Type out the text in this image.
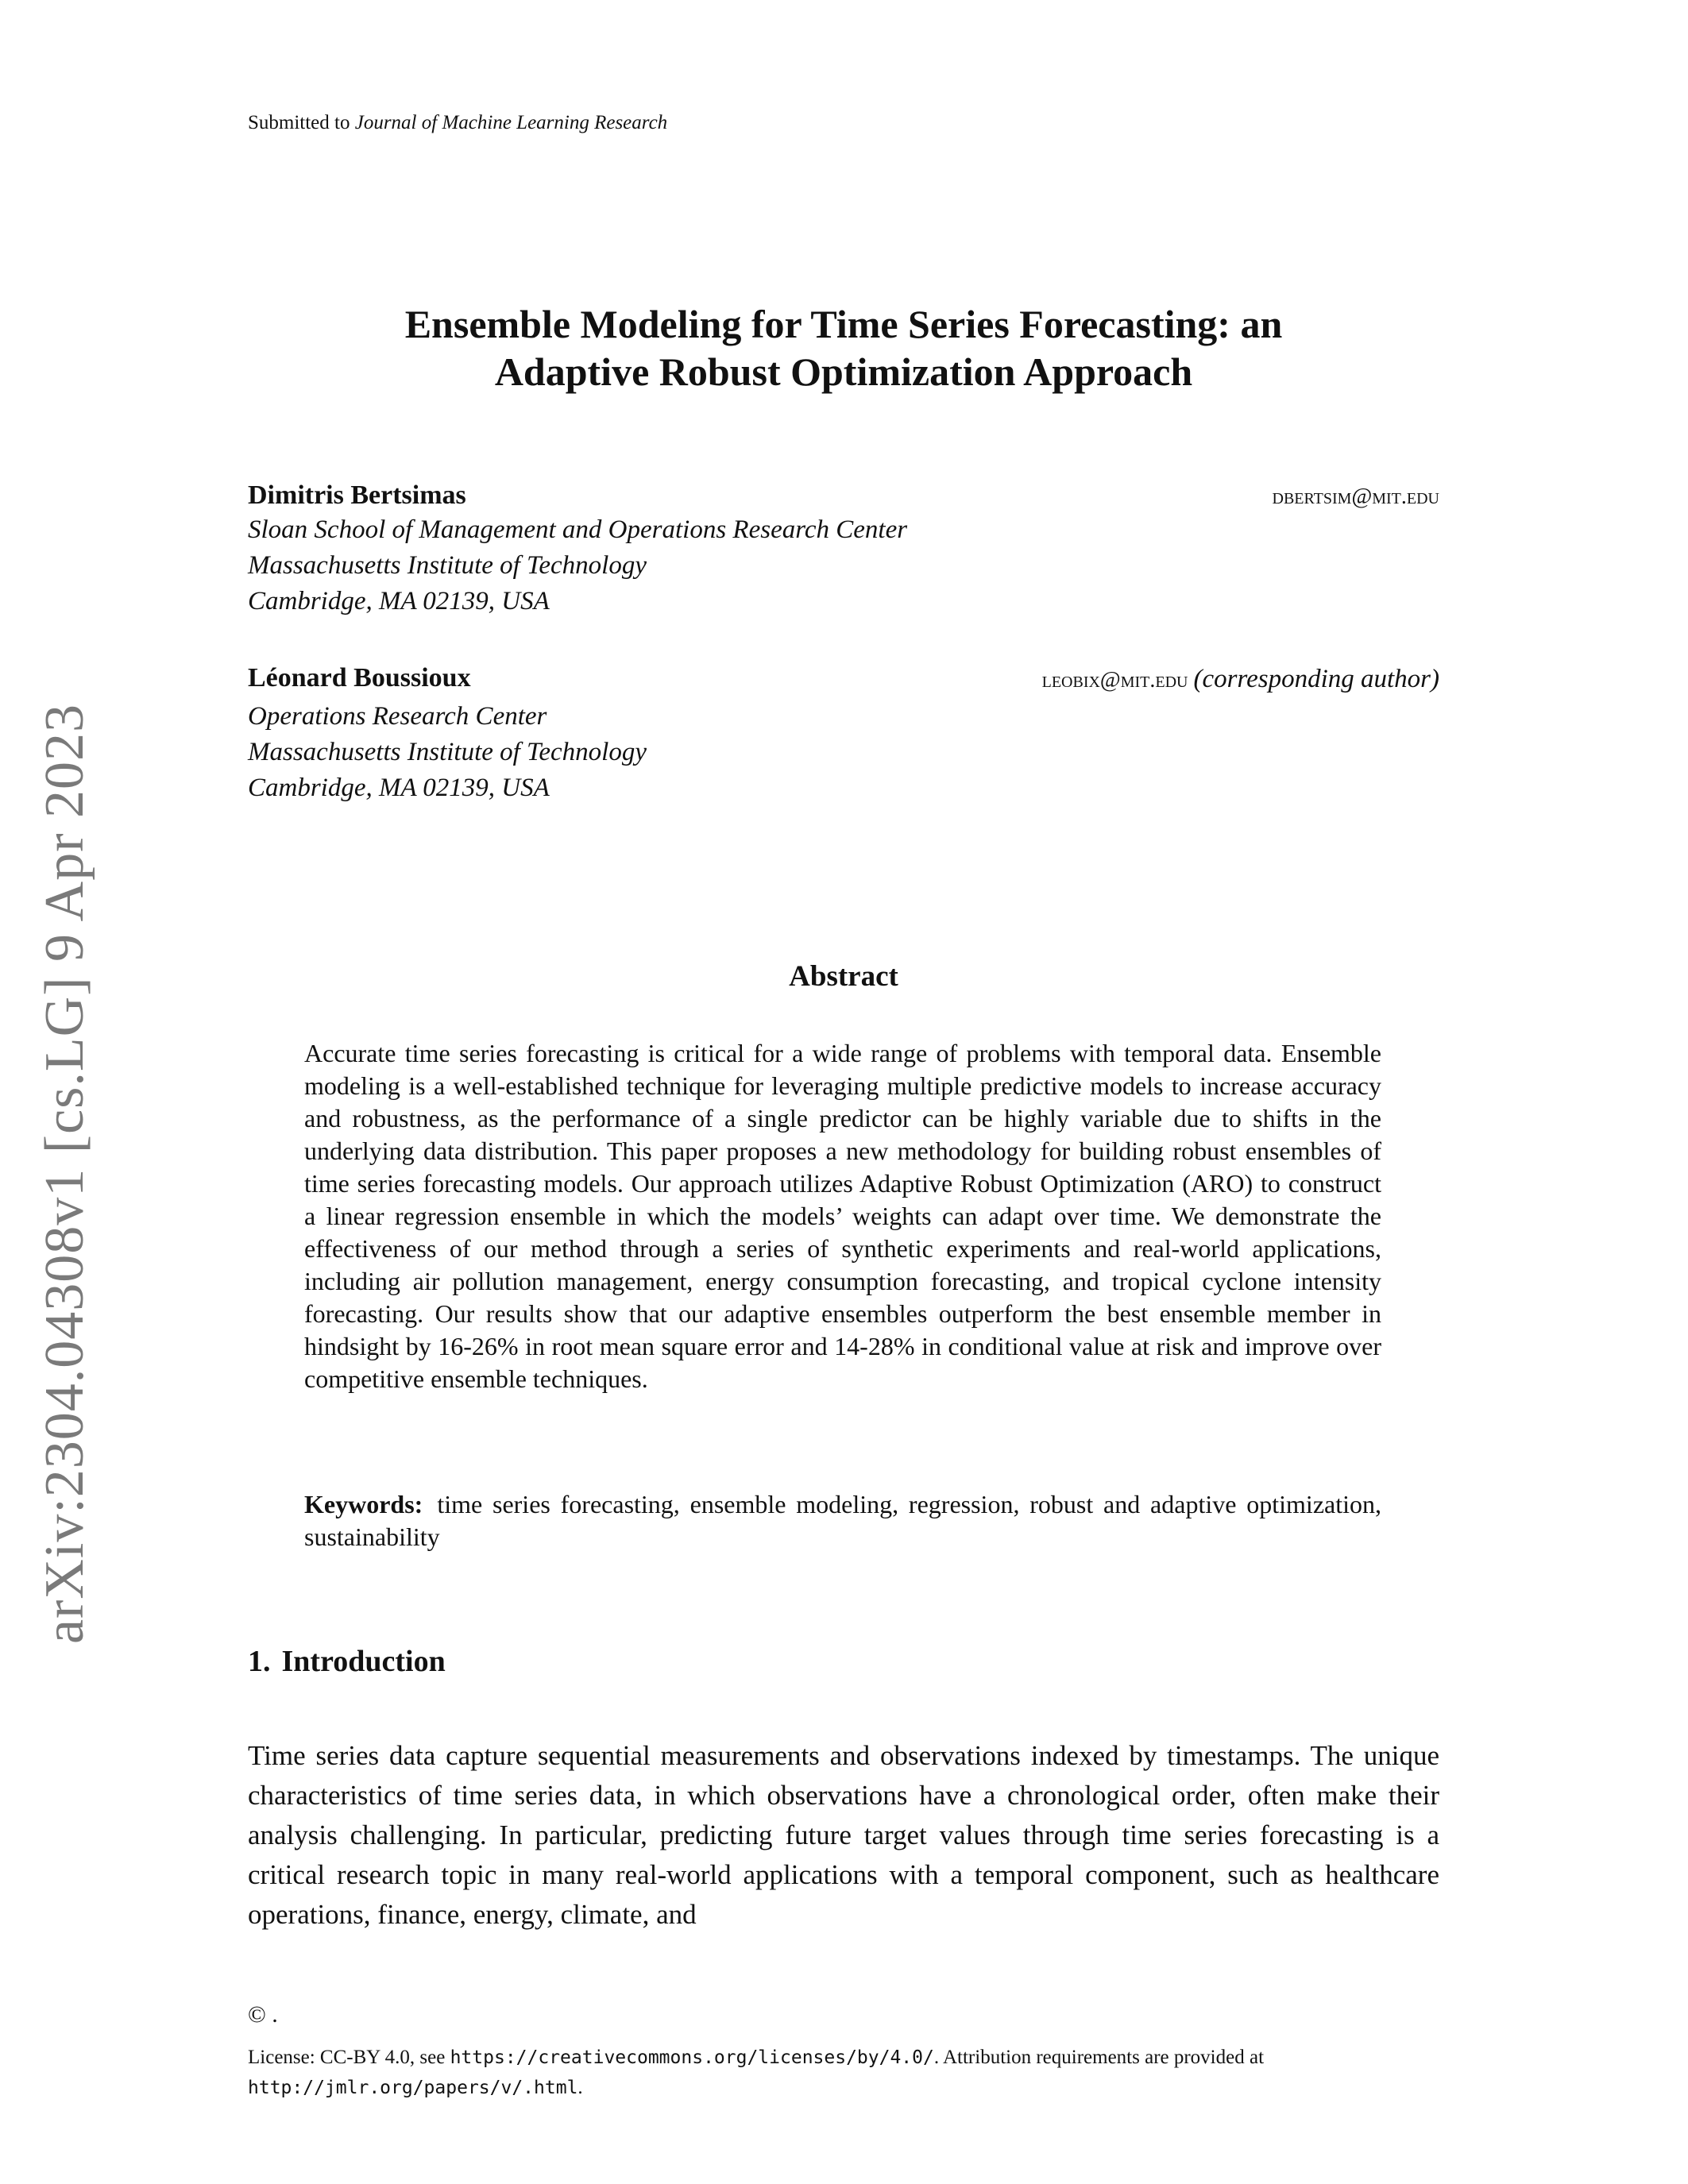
Submitted to Journal of Machine Learning Research
arXiv:2304.04308v1 [cs.LG] 9 Apr 2023
Ensemble Modeling for Time Series Forecasting: an
Adaptive Robust Optimization Approach
Dimitris Bertsimas	dbertsim@mit.edu
Sloan School of Management and Operations Research Center
Massachusetts Institute of Technology
Cambridge, MA 02139, USA
Léonard Boussioux	leobix@mit.edu (corresponding author)
Operations Research Center
Massachusetts Institute of Technology
Cambridge, MA 02139, USA
Abstract
Accurate time series forecasting is critical for a wide range of problems with temporal data. Ensemble modeling is a well-established technique for leveraging multiple predictive models to increase accuracy and robustness, as the performance of a single predictor can be highly variable due to shifts in the underlying data distribution. This paper proposes a new methodology for building robust ensembles of time series forecasting models. Our approach utilizes Adaptive Robust Optimization (ARO) to construct a linear regression ensemble in which the models’ weights can adapt over time. We demonstrate the effectiveness of our method through a series of synthetic experiments and real-world applications, including air pollution management, energy consumption forecasting, and tropical cyclone intensity forecasting. Our results show that our adaptive ensembles outperform the best ensemble member in hindsight by 16-26% in root mean square error and 14-28% in conditional value at risk and improve over competitive ensemble techniques.
Keywords: time series forecasting, ensemble modeling, regression, robust and adaptive optimization, sustainability
1. Introduction
Time series data capture sequential measurements and observations indexed by timestamps. The unique characteristics of time series data, in which observations have a chronological order, often make their analysis challenging. In particular, predicting future target values through time series forecasting is a critical research topic in many real-world applications with a temporal component, such as healthcare operations, finance, energy, climate, and
© .
License: CC-BY 4.0, see https://creativecommons.org/licenses/by/4.0/. Attribution requirements are provided at http://jmlr.org/papers/v/.html.
